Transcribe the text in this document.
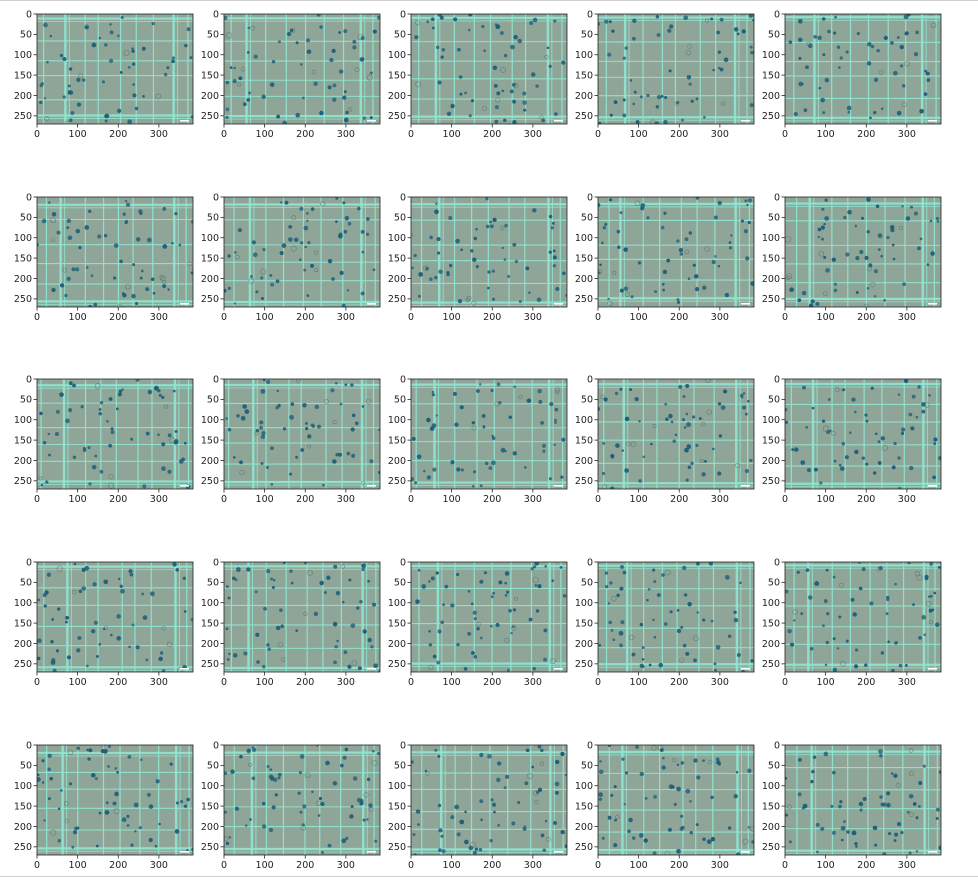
0	100 200 300
0
50
100
150
200
250
0	100 200 300
0
50
100
150
200
250
0	100 200 300
0
50
100
150
200
250
0	100 200 300
0
50
100
150
200
250
0	100 200 300
0
50
100
150
200
250
0	100 200 300
0
50
100
150
200
250
0	100 200 300
0
50
100
150
200
250
0	100 200 300
0
50
100
150
200
250
0	100 200 300
0
50
100
150
200
250
0	100 200 300
0
50
100
150
200
250
0	100 200 300
0
50
100
150
200
250
0	100 200 300
0
50
100
150
200
250
0	100 200 300
0
50
100
150
200
250
0	100 200 300
0
50
100
150
200
250
0	100 200 300
0
50
100
150
200
250
0	100 200 300
0
50
100
150
200
250
0	100 200 300
0
50
100
150
200
250
0	100 200 300
0
50
100
150
200
250
0	100 200 300
0
50
100
150
200
250
0	100 200 300
0
50
100
150
200
250
0	100 200 300
0
50
100
150
200
250
0	100 200 300
0
50
100
150
200
250
0	100 200 300
0
50
100
150
200
250
0	100 200 300
0
50
100
150
200
250
0	100 200 300
0
50
100
150
200
250
